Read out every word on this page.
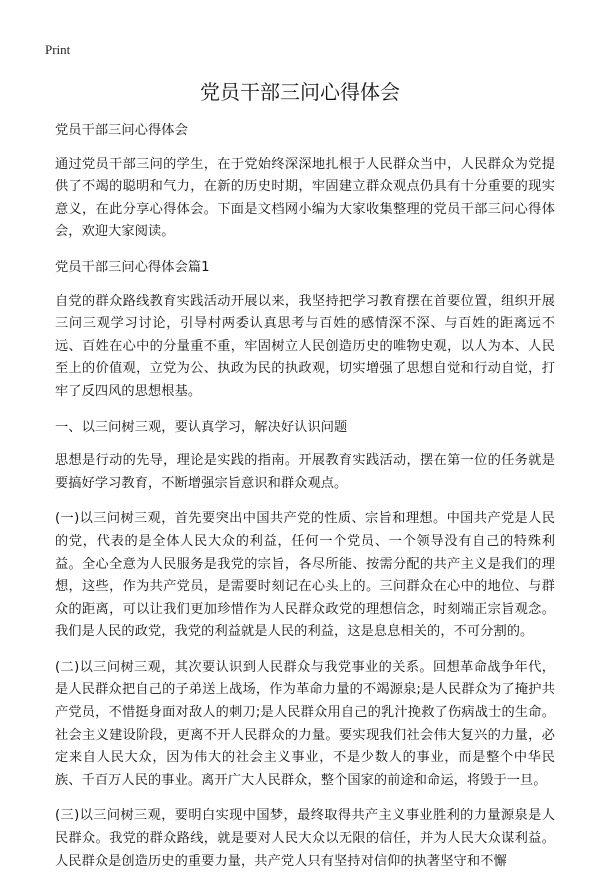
Print
党员干部三问心得体会

党员干部三问心得体会

通过党员干部三问的学生，在于党始终深深地扎根于人民群众当中，人民群众为党提供了不竭的聪明和气力，在新的历史时期，牢固建立群众观点仍具有十分重要的现实意义，在此分享心得体会。下面是文档网小编为大家收集整理的党员干部三问心得体会，欢迎大家阅读。

党员干部三问心得体会篇1

自党的群众路线教育实践活动开展以来，我坚持把学习教育摆在首要位置，组织开展三问三观学习讨论，引导村两委认真思考与百姓的感情深不深、与百姓的距离远不远、百姓在心中的分量重不重，牢固树立人民创造历史的唯物史观，以人为本、人民至上的价值观，立党为公、执政为民的执政观，切实增强了思想自觉和行动自觉，打牢了反四风的思想根基。

一、以三问树三观，要认真学习，解决好认识问题

思想是行动的先导，理论是实践的指南。开展教育实践活动，摆在第一位的任务就是要搞好学习教育，不断增强宗旨意识和群众观点。

(一)以三问树三观，首先要突出中国共产党的性质、宗旨和理想。中国共产党是人民的党，代表的是全体人民大众的利益，任何一个党员、一个领导没有自己的特殊利益。全心全意为人民服务是我党的宗旨，各尽所能、按需分配的共产主义是我们的理想，这些，作为共产党员，是需要时刻记在心头上的。三问群众在心中的地位、与群众的距离，可以让我们更加珍惜作为人民群众政党的理想信念，时刻端正宗旨观念。我们是人民的政党，我党的利益就是人民的利益，这是息息相关的，不可分割的。

(二)以三问树三观，其次要认识到人民群众与我党事业的关系。回想革命战争年代，是人民群众把自己的子弟送上战场，作为革命力量的不竭源泉;是人民群众为了掩护共产党员，不惜挺身面对敌人的刺刀;是人民群众用自己的乳汁挽救了伤病战士的生命。社会主义建设阶段，更离不开人民群众的力量。要实现我们社会伟大复兴的力量，必定来自人民大众，因为伟大的社会主义事业，不是少数人的事业，而是整个中华民族、千百万人民的事业。离开广大人民群众，整个国家的前途和命运，将毁于一旦。

(三)以三问树三观，要明白实现中国梦，最终取得共产主义事业胜利的力量源泉是人民群众。我党的群众路线，就是要对人民大众以无限的信任，并为人民大众谋利益。人民群众是创造历史的重要力量，共产党人只有坚持对信仰的执著坚守和不懈
